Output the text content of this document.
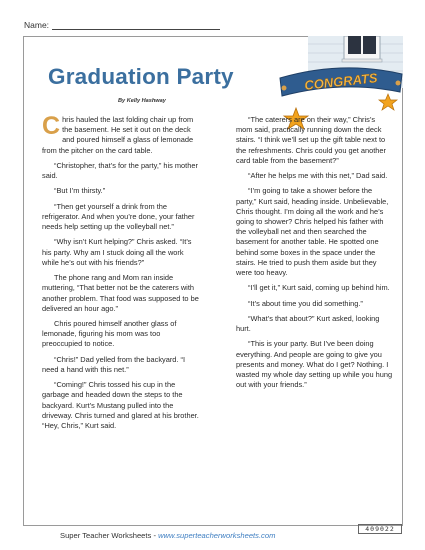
Name:
CONGRATS
Graduation Party
By Kelly Hashway

C hris hauled the last folding chair up from the basement. He set it out on the deck and poured himself a glass of lemonade from the pitcher on the card table.

“Christopher, that’s for the party,” his mother said.

“But I’m thirsty.”

“Then get yourself a drink from the refrigerator. And when you’re done, your father needs help setting up the volleyball net.”

“Why isn’t Kurt helping?” Chris asked. “It’s his party. Why am I stuck doing all the work while he’s out with his friends?”

The phone rang and Mom ran inside muttering, “That better not be the caterers with another problem. That food was supposed to be delivered an hour ago.”

Chris poured himself another glass of lemonade, figuring his mom was too preoccupied to notice.

“Chris!” Dad yelled from the backyard. “I need a hand with this net.”

“Coming!” Chris tossed his cup in the garbage and headed down the steps to the backyard. Kurt’s Mustang pulled into the driveway. Chris turned and glared at his brother. “Hey, Chris,” Kurt said.

“The caterers are on their way,” Chris’s mom said, practically running down the deck stairs. “I think we’ll set up the gift table next to the refreshments. Chris could you get another card table from the basement?”

“After he helps me with this net,” Dad said.

“I’m going to take a shower before the party,” Kurt said, heading inside. Unbelievable, Chris thought. I’m doing all the work and he’s going to shower? Chris helped his father with the volleyball net and then searched the basement for another table. He spotted one behind some boxes in the space under the stairs. He tried to push them aside but they were too heavy.

“I’ll get it,” Kurt said, coming up behind him.

“It’s about time you did something.”

“What’s that about?” Kurt asked, looking hurt.

“This is your party. But I’ve been doing everything. And people are going to give you presents and money. What do I get? Nothing. I wasted my whole day setting up while you hung out with your friends.”

Super Teacher Worksheets - www.superteacherworksheets.com
409022
